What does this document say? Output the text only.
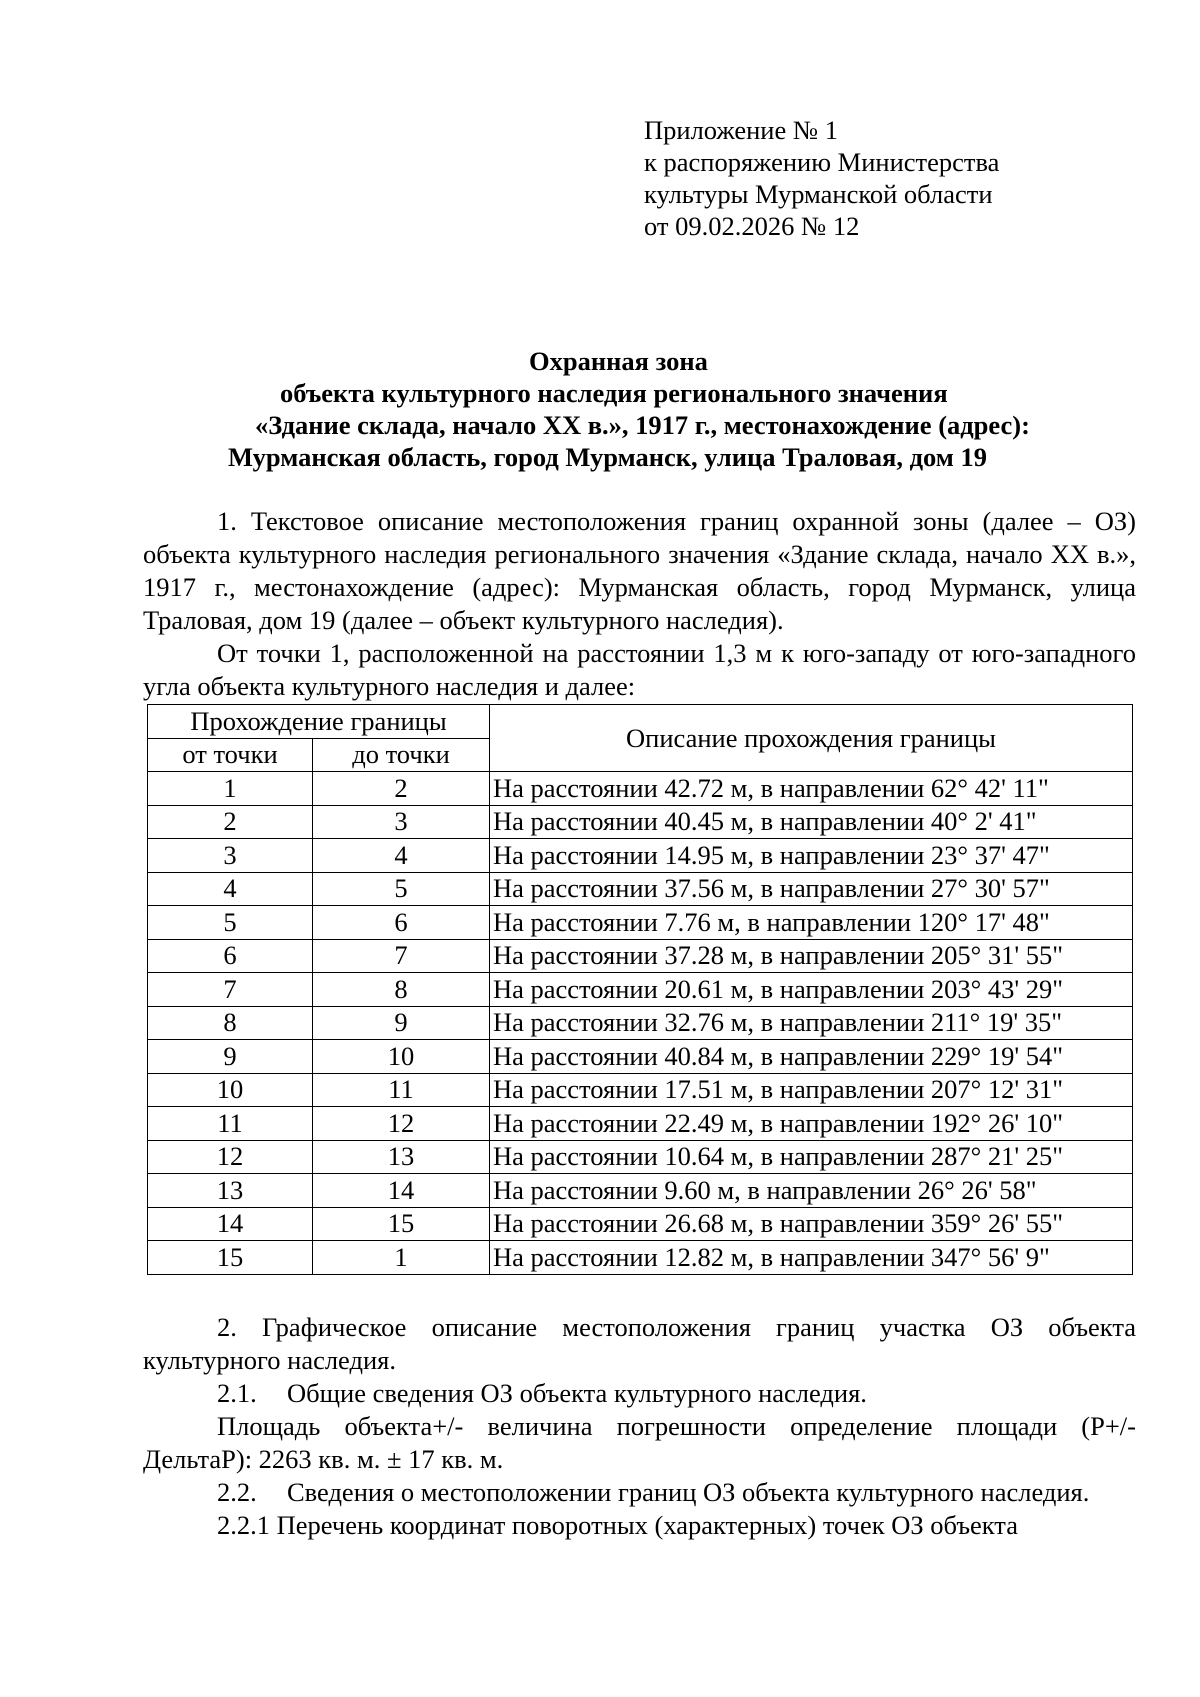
Приложение № 1
к распоряжению Министерства
культуры Мурманской области
от 09.02.2026 № 12
Охранная зона
объекта культурного наследия регионального значения
«Здание склада, начало XX в.», 1917 г., местонахождение (адрес):
Мурманская область, город Мурманск, улица Траловая, дом 19

1. Текстовое описание местоположения границ охранной зоны (далее – ОЗ) объекта культурного наследия регионального значения «Здание склада, начало XX в.», 1917 г., местонахождение (адрес): Мурманская область, город Мурманск, улица Траловая, дом 19 (далее – объект культурного наследия).

От точки 1, расположенной на расстоянии 1,3 м к юго-западу от юго-западного угла объекта культурного наследия и далее:

Прохождение границы		Описание прохождения границы
от точки	до точки	
1	2	На расстоянии 42.72 м, в направлении 62° 42' 11"
2	3	На расстоянии 40.45 м, в направлении 40° 2' 41"
3	4	На расстоянии 14.95 м, в направлении 23° 37' 47"
4	5	На расстоянии 37.56 м, в направлении 27° 30' 57"
5	6	На расстоянии 7.76 м, в направлении 120° 17' 48"
6	7	На расстоянии 37.28 м, в направлении 205° 31' 55"
7	8	На расстоянии 20.61 м, в направлении 203° 43' 29"
8	9	На расстоянии 32.76 м, в направлении 211° 19' 35"
9	10	На расстоянии 40.84 м, в направлении 229° 19' 54"
10	11	На расстоянии 17.51 м, в направлении 207° 12' 31"
11	12	На расстоянии 22.49 м, в направлении 192° 26' 10"
12	13	На расстоянии 10.64 м, в направлении 287° 21' 25"
13	14	На расстоянии 9.60 м, в направлении 26° 26' 58"
14	15	На расстоянии 26.68 м, в направлении 359° 26' 55"
15	1	На расстоянии 12.82 м, в направлении 347° 56' 9"

2. Графическое описание местоположения границ участка ОЗ объекта культурного наследия.

2.1. Общие сведения ОЗ объекта культурного наследия.

Площадь объекта+/- величина погрешности определение площади (P+/- ДельтаP): 2263 кв. м. ± 17 кв. м.

2.2. Сведения о местоположении границ ОЗ объекта культурного наследия.

2.2.1 Перечень координат поворотных (характерных) точек ОЗ объекта
